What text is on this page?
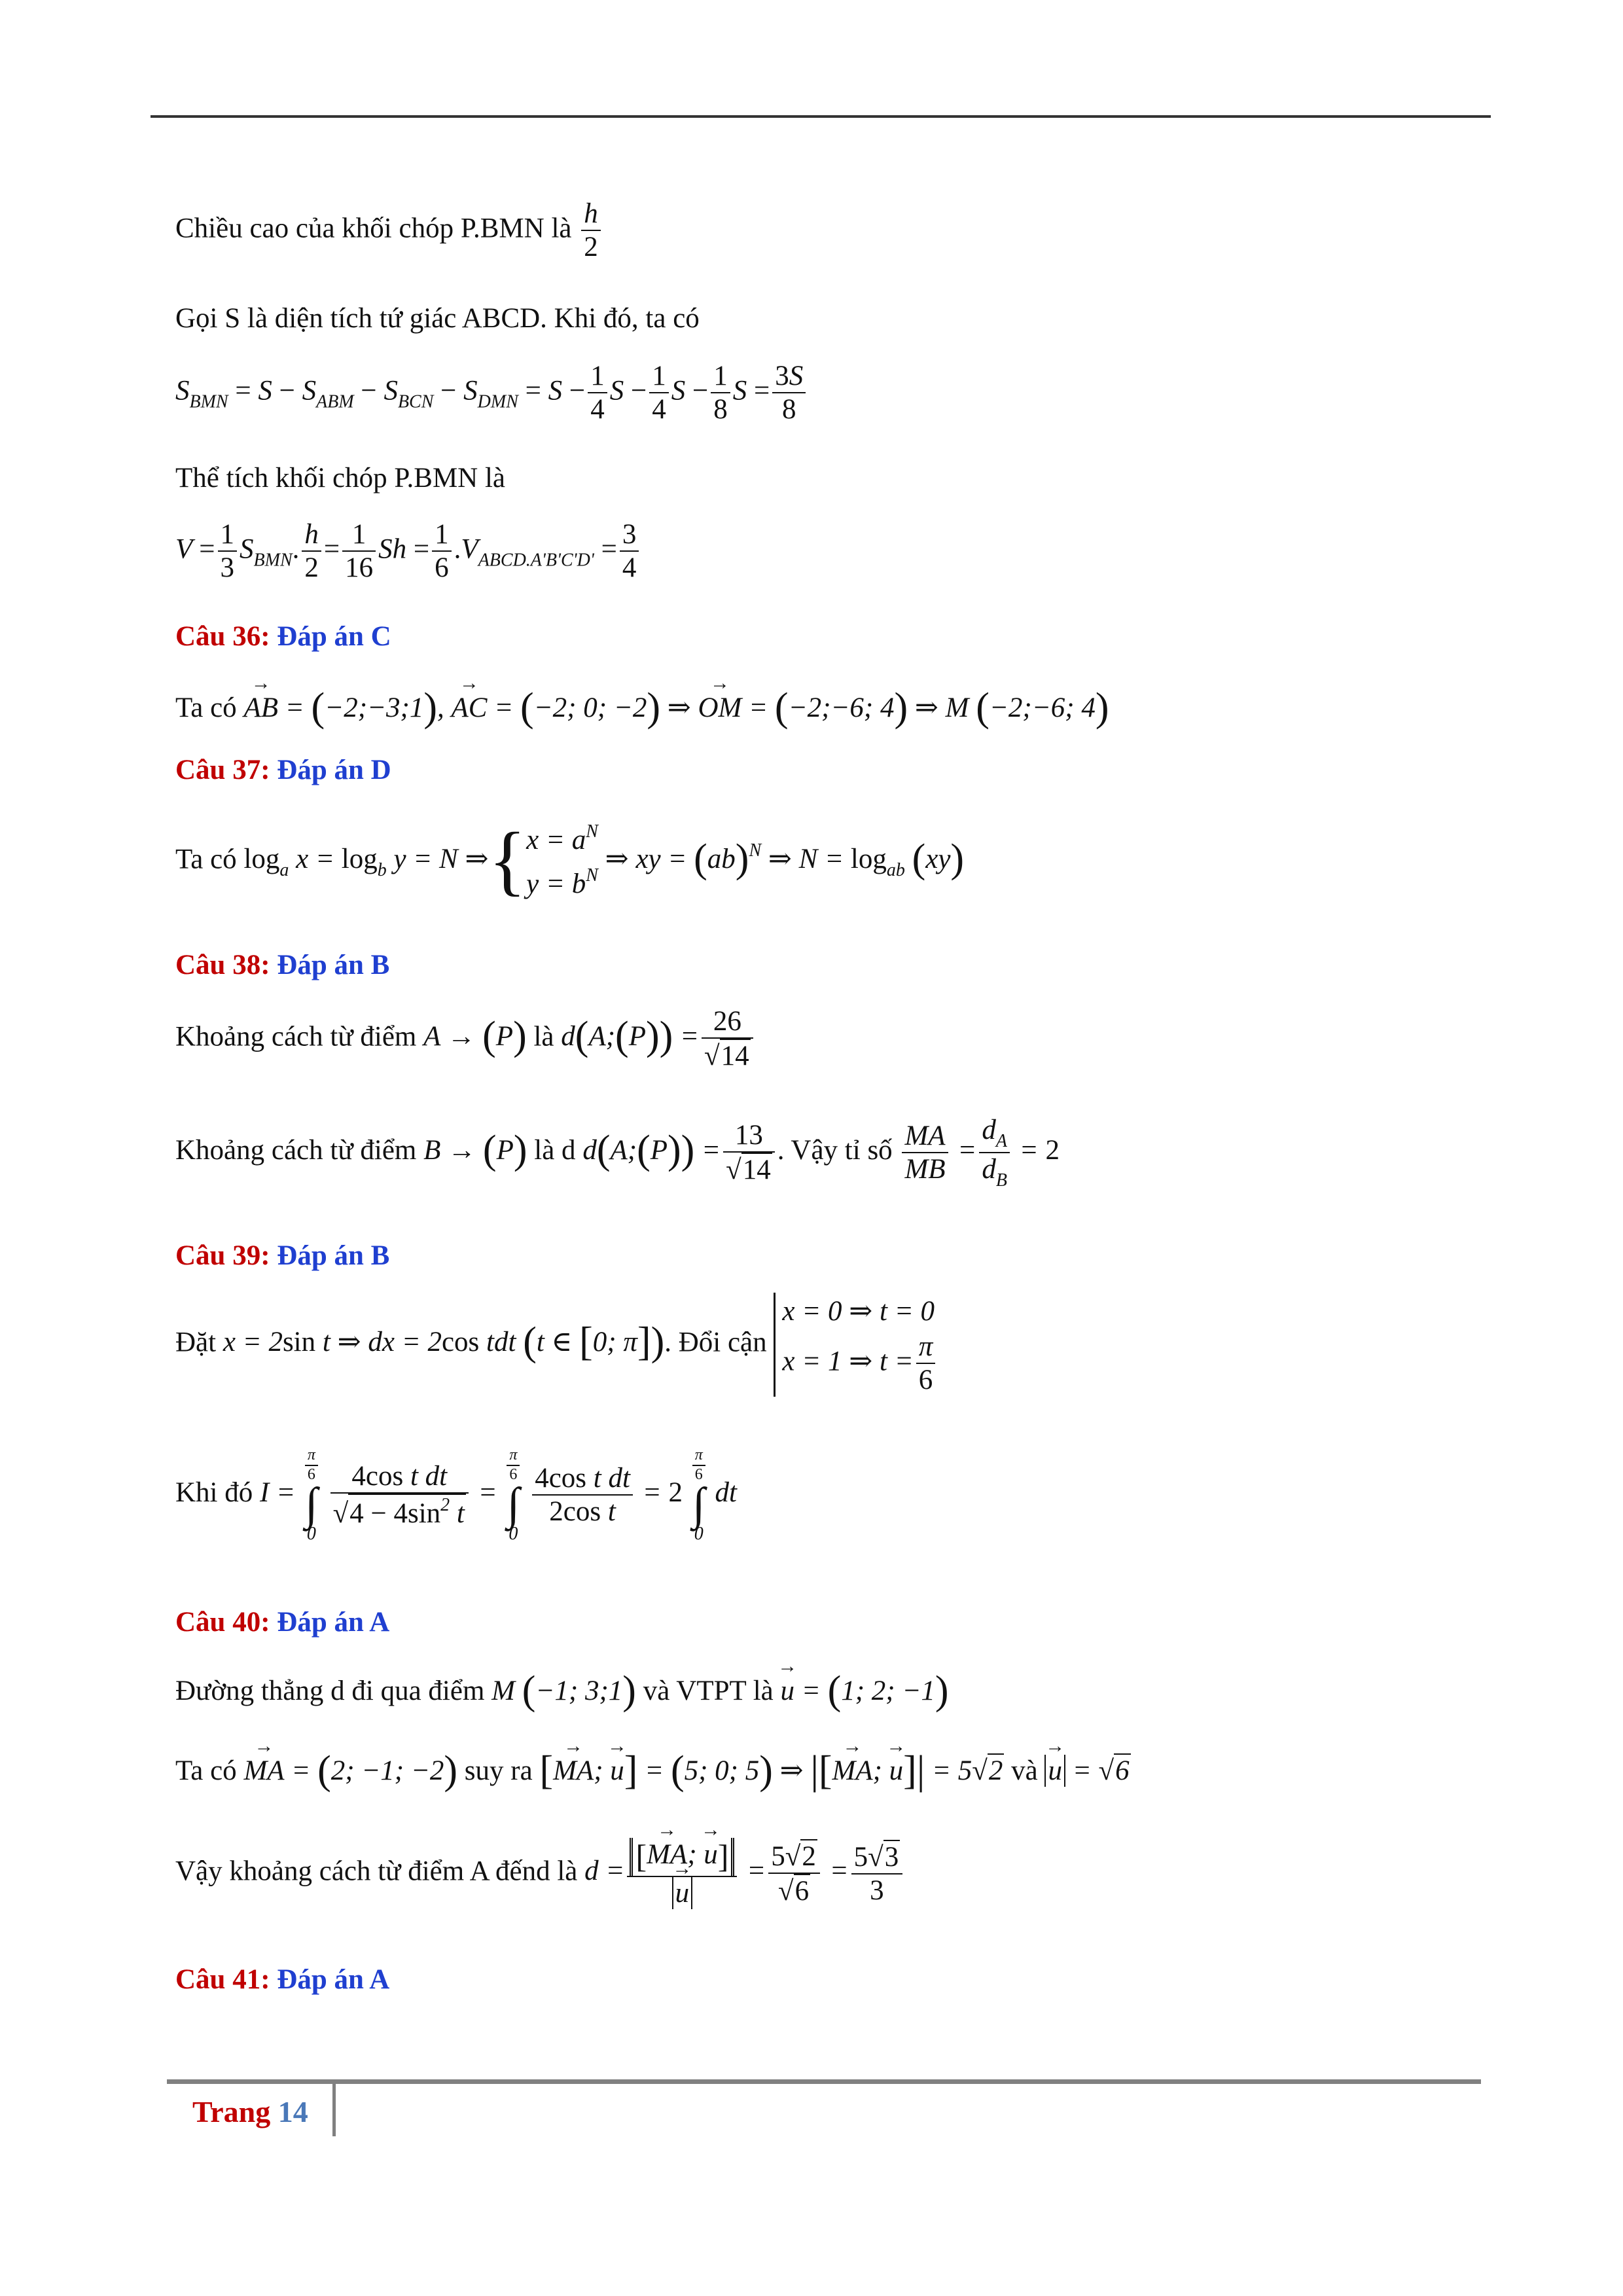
Chiều cao của khối chóp P.BMN là $\frac{h}{2}$
Gọi S là diện tích tứ giác ABCD. Khi đó, ta có
$S_{BMN} = S - S_{ABM} - S_{BCN} - S_{DMN} = S - \frac{1}{4}$ $S - \frac{1}{4}$ $S - \frac{1}{8}$ $S = \frac{3S}{8}$
Thể tích khối chóp P.BMN là
$V = \frac{1}{3} S_{BMN}$. $\frac{h}{2} = \frac{1}{16}$ $Sh = \frac{1}{6} .V_{ABCD.A'B'C'D'} = \frac{3}{4}$
Câu 36: Đáp án C
Ta có → AB = (−2;−3;1), → AC = (−2; 0; −2) ⇒ → OM = (−2;−6; 4) ⇒ M (−2;−6; 4)
Câu 37: Đáp án D
Ta có $\log_a x = \log_b y = N$ ⇒{ $x = a^N$
$y = b^N$
⇒ xy = (ab)$^N$ ⇒ $N = \log_{ab} (xy)$
Câu 38: Đáp án B
Khoảng cách từ điểm A → (P) là d(A;(P)) = $\frac{26}{√14}$
Khoảng cách từ điểm B → (P) là d d(A;(P)) = $\frac{13}{√14}$ . Vậy tỉ số $\frac{MA}{MB} = \frac{d_A}{d_B} = 2$
Câu 39: Đáp án B
Đặt x = 2sin t ⇒ dx = 2cos tdt (t ∈ [0; π]). Đổi cận
x = 0 ⇒ t = 0
x = 1 ⇒ $t = \frac{\pi}{6}$
Khi đó I =
$\frac{\pi}{6}$
∫
0

$\frac{\text{4cos t dt}}{√4 - 4\sin^2 t}$ =
$\frac{\pi}{6}$
∫
0

$\frac{\text{4cos t dt}}{\text{2cos t}} = 2$
$\frac{\pi}{6}$
∫
0
dt
Câu 40: Đáp án A
Đường thẳng d đi qua điểm M (−1; 3;1) và VTPT là → u = (1; 2; −1)
Ta có → MA = (2; −1; −2) suy ra [→ MA; → u] = (5; 0; 5) ⇒ |[→ MA; → u]| = 5√2 và → u = √6
Vậy khoảng cách từ điểm A đếnd là d = [→ MA; → u]
→ $u = \frac{5√2}{√6} = \frac{5√3}{3}$
Câu 41: Đáp án A
Trang 14
